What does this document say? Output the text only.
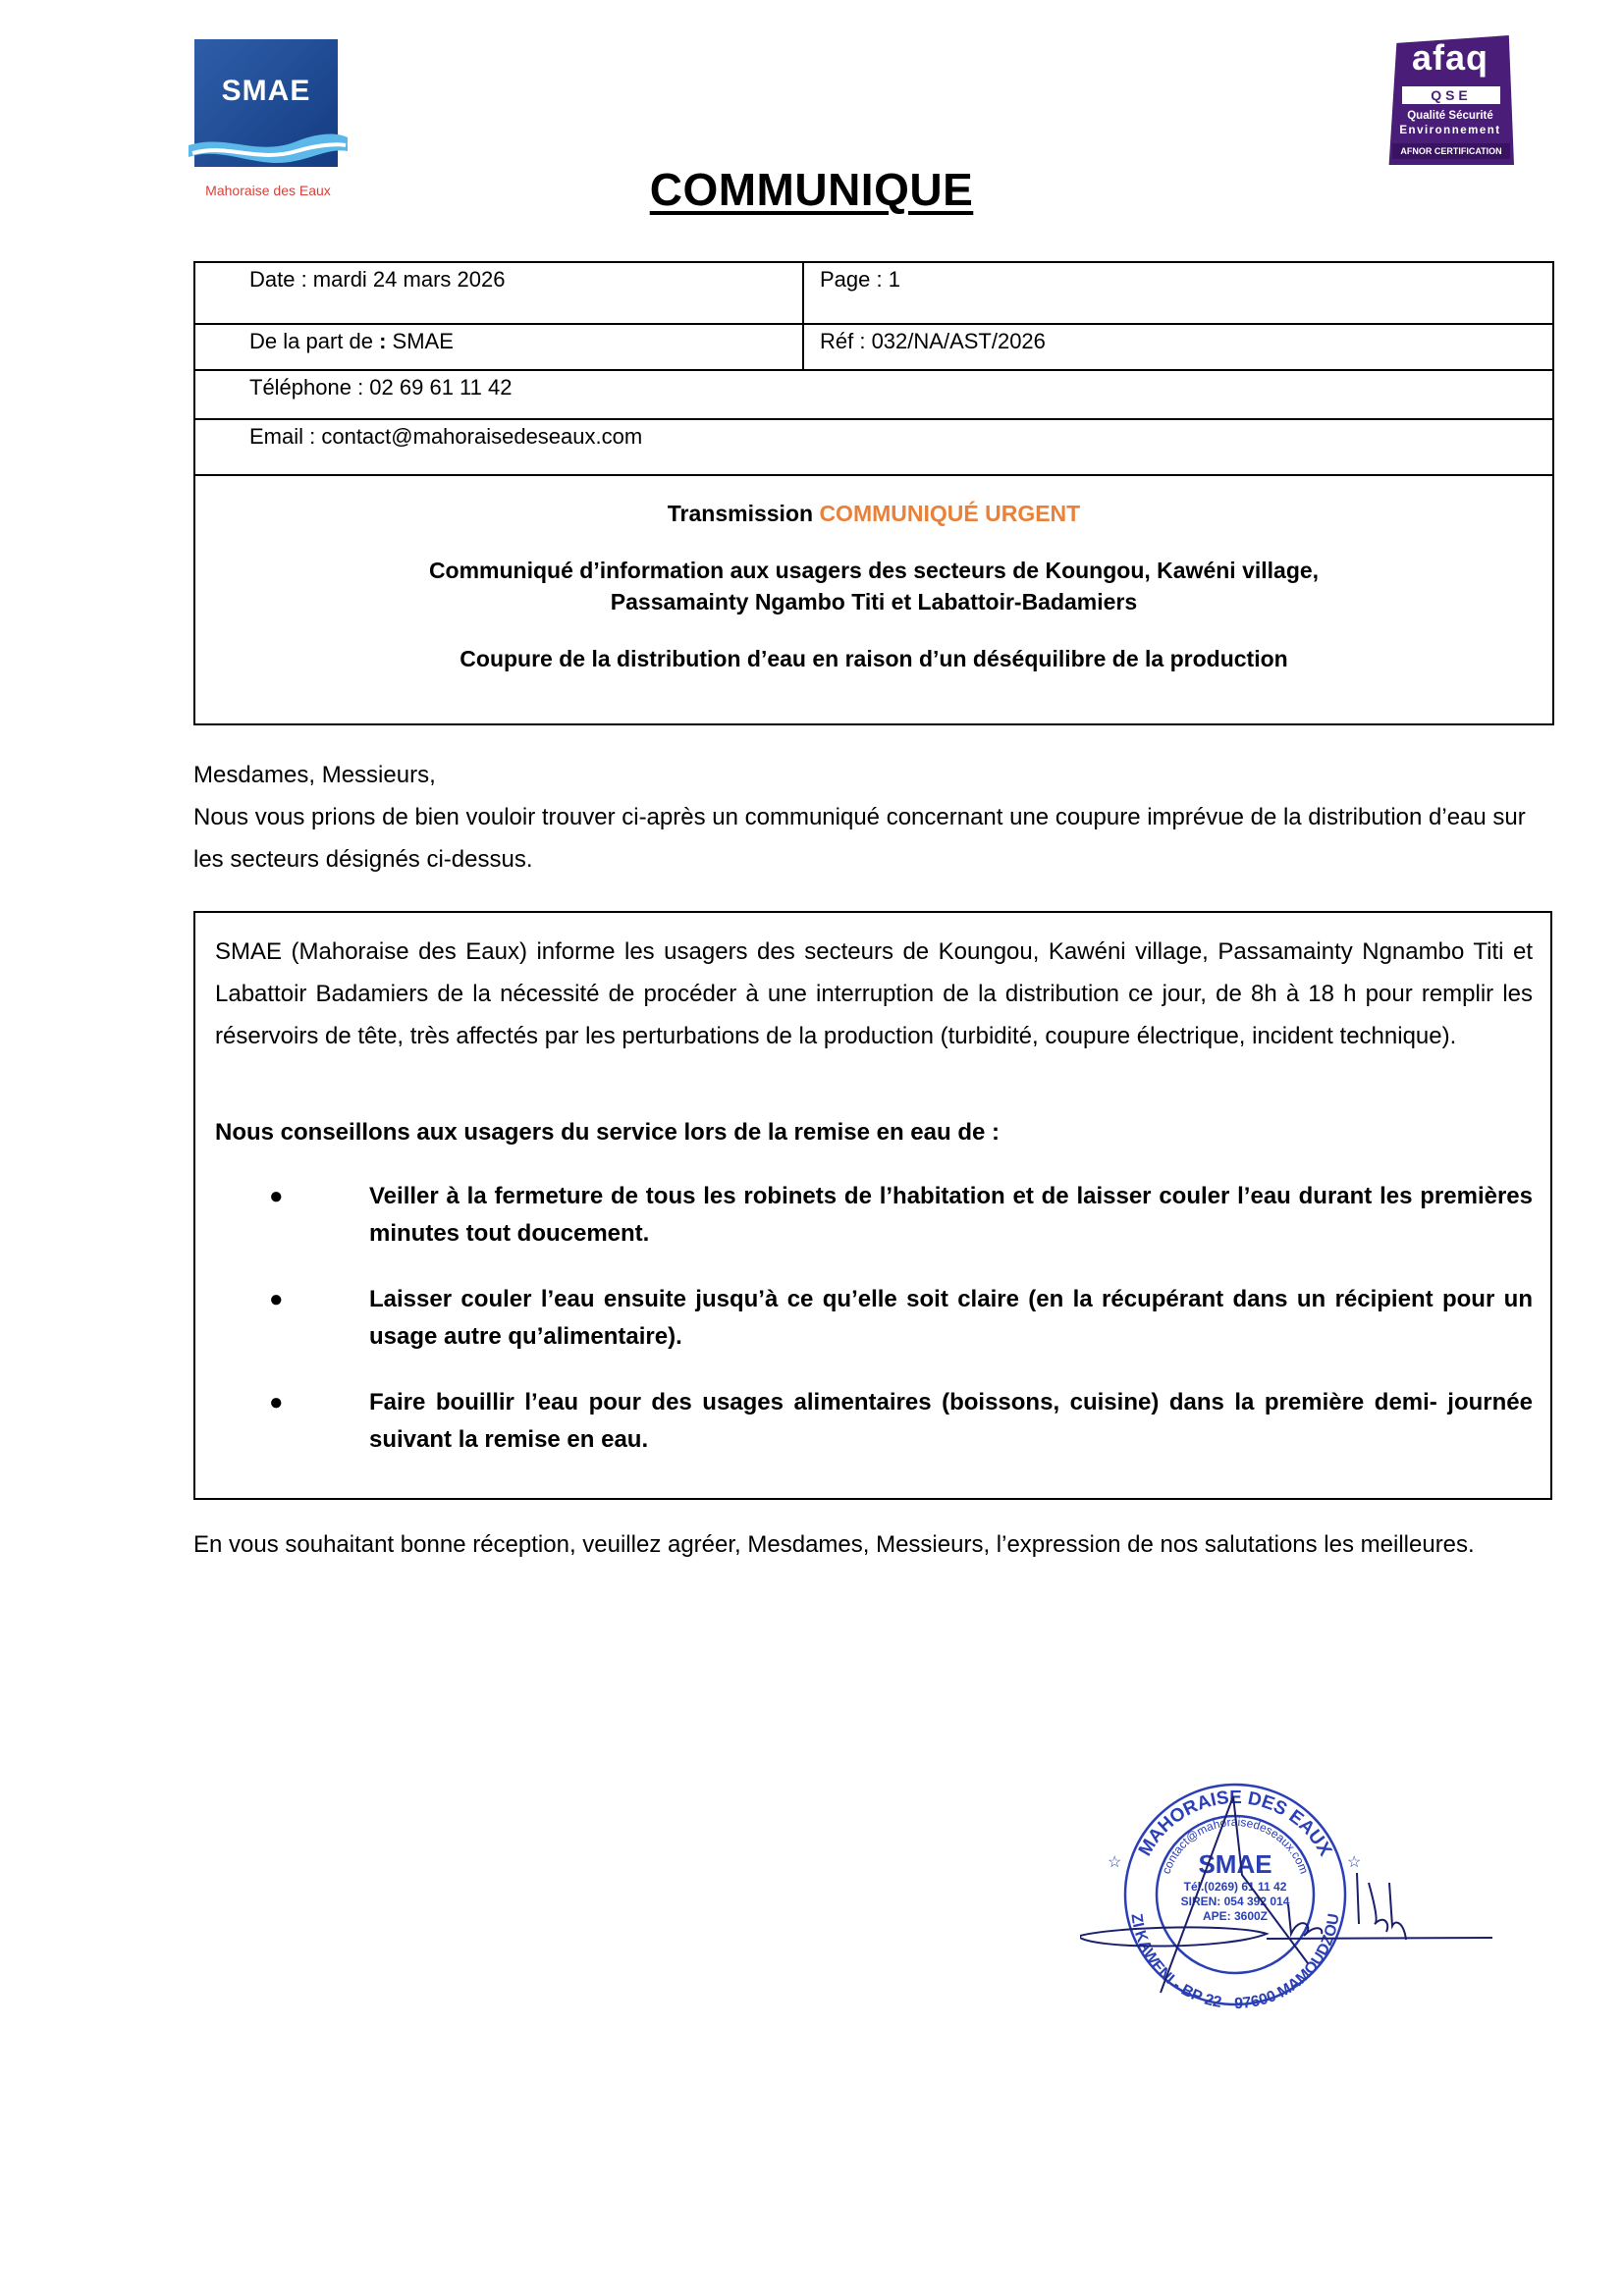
SMAE
Mahoraise des Eaux
afaq
QSE
Qualité Sécurité
Environnement
AFNOR CERTIFICATION
COMMUNIQUE
Date : mardi 24 mars 2026	Page : 1
De la part de : SMAE	Réf : 032/NA/AST/2026
Téléphone : 02 69 61 11 42	
Email : contact@mahoraisedeseaux.com	

Transmission COMMUNIQUÉ URGENT
Communiqué d’information aux usagers des secteurs de Koungou, Kawéni village,
Passamainty Ngambo Titi et Labattoir-Badamiers
Coupure de la distribution d’eau en raison d’un déséquilibre de la production	
Mesdames, Messieurs,
Nous vous prions de bien vouloir trouver ci-après un communiqué concernant une coupure imprévue de la distribution d’eau sur les secteurs désignés ci-dessus.
SMAE (Mahoraise des Eaux) informe les usagers des secteurs de Koungou, Kawéni village, Passamainty Ngnambo Titi et Labattoir Badamiers de la nécessité de procéder à une interruption de la distribution ce jour, de 8h à 18 h pour remplir les réservoirs de tête, très affectés par les perturbations de la production (turbidité, coupure électrique, incident technique).
Nous conseillons aux usagers du service lors de la remise en eau de :
●	Veiller à la fermeture de tous les robinets de l’habitation et de laisser couler l’eau durant les premières minutes tout doucement.
●	Laisser couler l’eau ensuite jusqu’à ce qu’elle soit claire (en la récupérant dans un récipient pour un usage autre qu’alimentaire).
●	Faire bouillir l’eau pour des usages alimentaires (boissons, cuisine) dans la première demi- journée suivant la remise en eau.
En vous souhaitant bonne réception, veuillez agréer, Mesdames, Messieurs, l’expression de nos salutations les meilleures.
MAHORAISE DES EAUX
ZI KAWENI - BP 22 - 97600 MAMOUDZOU
contact@mahoraisedeseaux.com
☆	☆
SMAE
Tél.(0269) 61 11 42
SIREN: 054 392 014
APE: 3600Z
